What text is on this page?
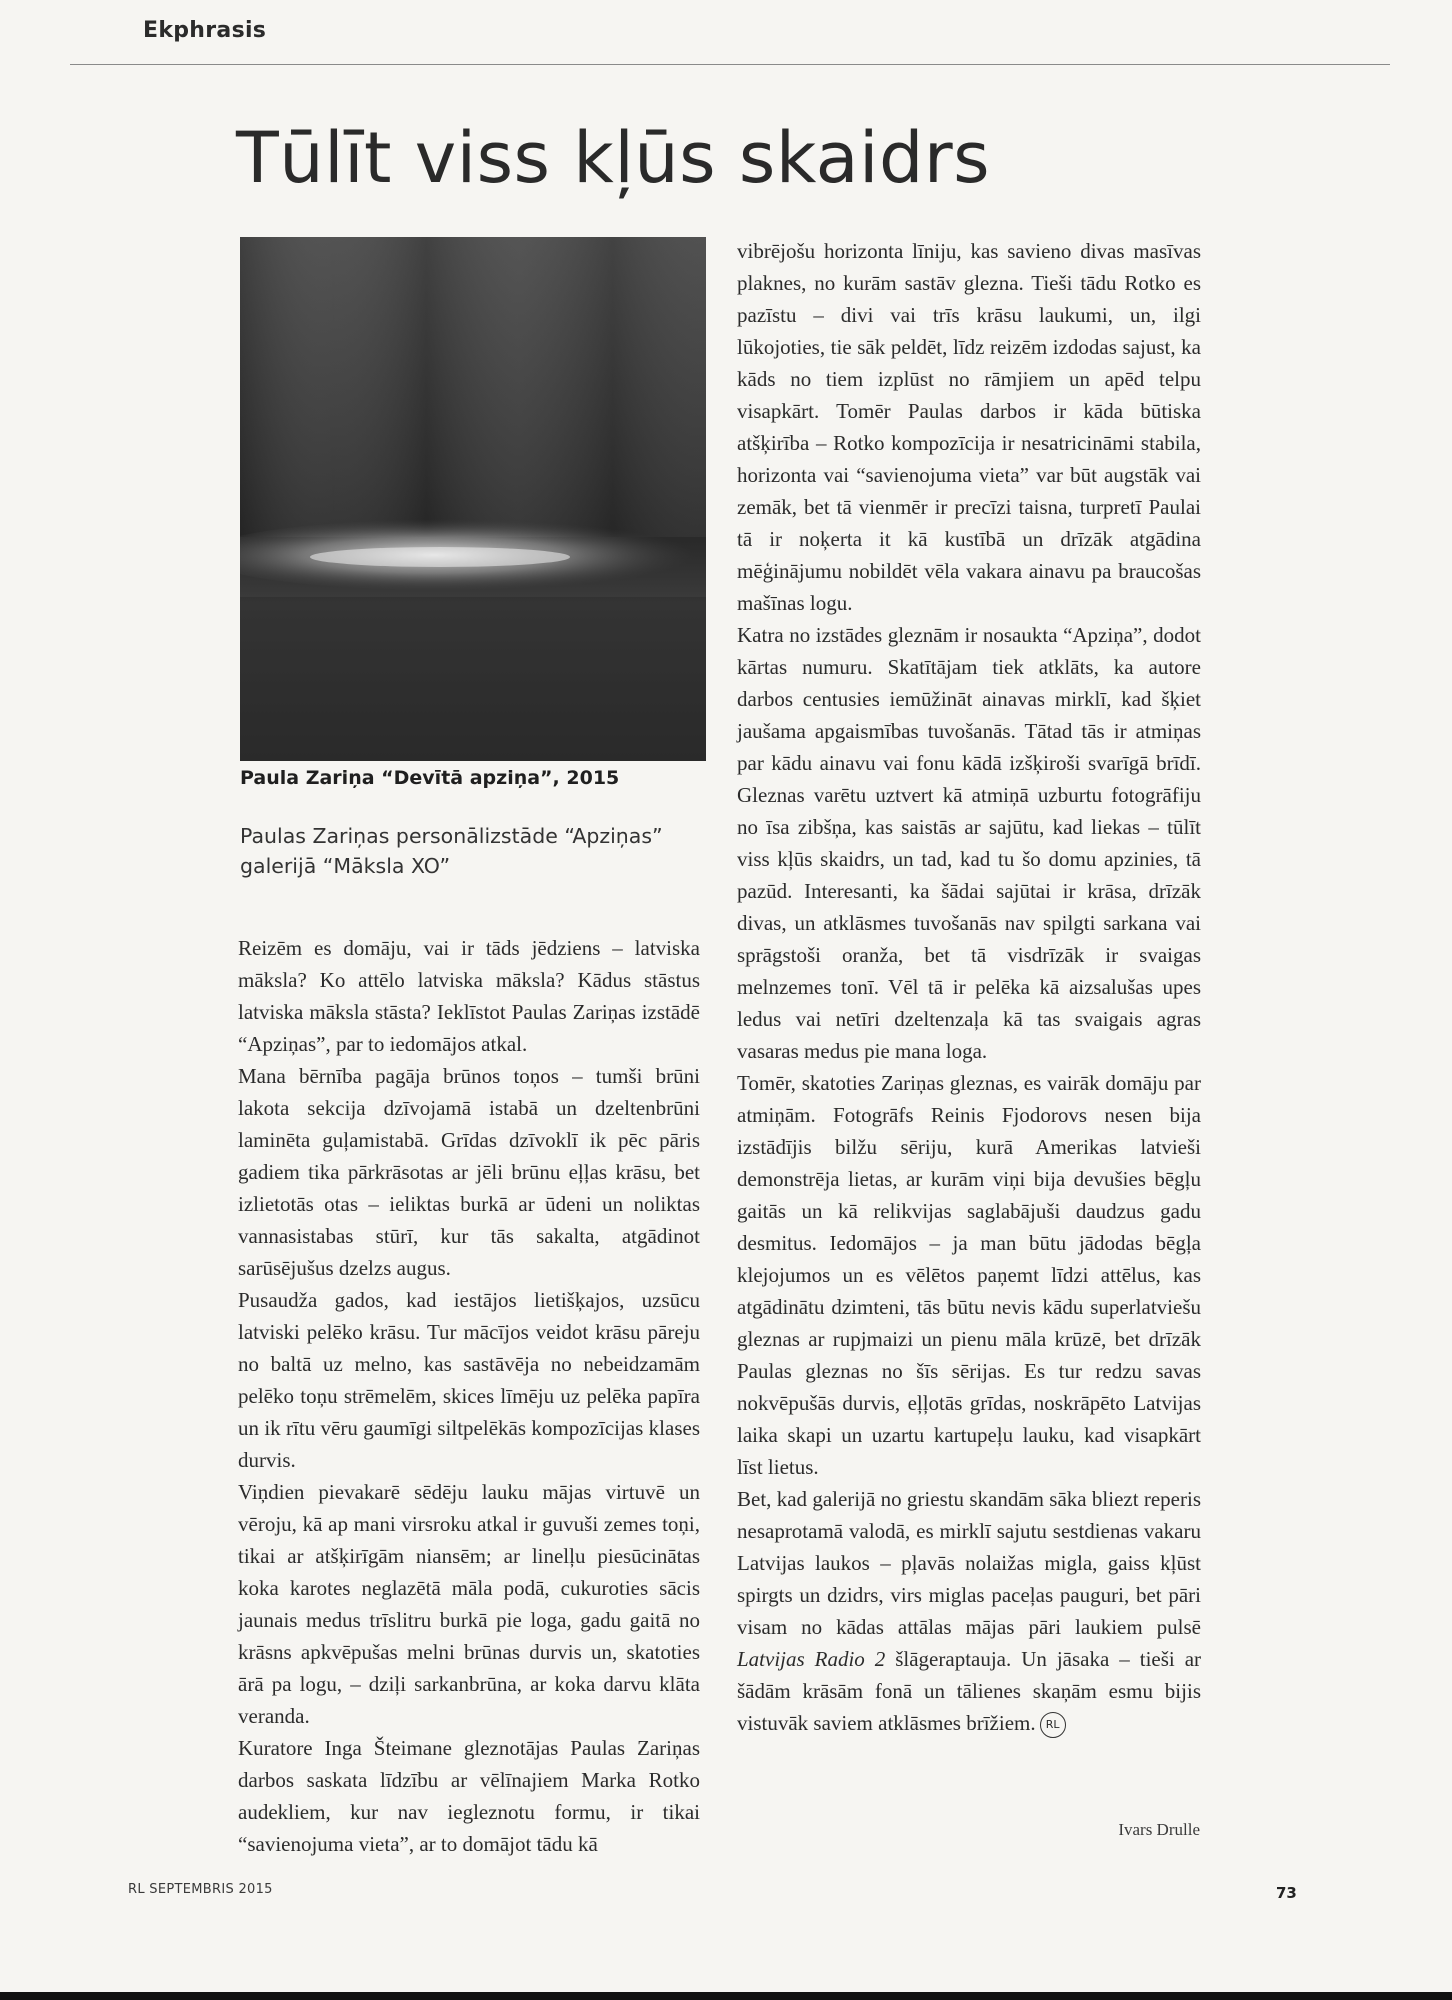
Ekphrasis
Tūlīt viss kļūs skaidrs

Paula Zariņa “Devītā apziņa”, 2015

Paulas Zariņas personālizstāde “Apziņas” galerijā “Māksla XO”

Reizēm es domāju, vai ir tāds jēdziens – latviska māksla? Ko attēlo latviska māksla? Kādus stāstus latviska māksla stāsta? Ieklīstot Paulas Zariņas izstādē “Apziņas”, par to iedomājos atkal.

Mana bērnība pagāja brūnos toņos – tumši brūni lakota sekcija dzīvojamā istabā un dzeltenbrūni laminēta guļamistabā. Grīdas dzīvoklī ik pēc pāris gadiem tika pārkrāsotas ar jēli brūnu eļļas krāsu, bet izlietotās otas – ieliktas burkā ar ūdeni un noliktas vannasistabas stūrī, kur tās sakalta, atgādinot sarūsējušus dzelzs augus.

Pusaudža gados, kad iestājos lietišķajos, uzsūcu latviski pelēko krāsu. Tur mācījos veidot krāsu pāreju no baltā uz melno, kas sastāvēja no nebeidzamām pelēko toņu strēmelēm, skices līmēju uz pelēka papīra un ik rītu vēru gaumīgi siltpelēkās kompozīcijas klases durvis.

Viņdien pievakarē sēdēju lauku mājas virtuvē un vēroju, kā ap mani virsroku atkal ir guvuši zemes toņi, tikai ar atšķirīgām niansēm; ar linelļu piesūcinātas koka karotes neglazētā māla podā, cukuroties sācis jaunais medus trīslitru burkā pie loga, gadu gaitā no krāsns apkvēpušas melni brūnas durvis un, skatoties ārā pa logu, – dziļi sarkanbrūna, ar koka darvu klāta veranda.

Kuratore Inga Šteimane gleznotājas Paulas Zariņas darbos saskata līdzību ar vēlīnajiem Marka Rotko audekliem, kur nav iegleznotu formu, ir tikai “savienojuma vieta”, ar to domājot tādu kā

vibrējošu horizonta līniju, kas savieno divas masīvas plaknes, no kurām sastāv glezna. Tieši tādu Rotko es pazīstu – divi vai trīs krāsu laukumi, un, ilgi lūkojoties, tie sāk peldēt, līdz reizēm izdodas sajust, ka kāds no tiem izplūst no rāmjiem un apēd telpu visapkārt. Tomēr Paulas darbos ir kāda būtiska atšķirība – Rotko kompozīcija ir nesatricināmi stabila, horizonta vai “savienojuma vieta” var būt augstāk vai zemāk, bet tā vienmēr ir precīzi taisna, turpretī Paulai tā ir noķerta it kā kustībā un drīzāk atgādina mēģinājumu nobildēt vēla vakara ainavu pa braucošas mašīnas logu.

Katra no izstādes gleznām ir nosaukta “Apziņa”, dodot kārtas numuru. Skatītājam tiek atklāts, ka autore darbos centusies iemūžināt ainavas mirklī, kad šķiet jaušama apgaismības tuvošanās. Tātad tās ir atmiņas par kādu ainavu vai fonu kādā izšķiroši svarīgā brīdī. Gleznas varētu uztvert kā atmiņā uzburtu fotogrāfiju no īsa zibšņa, kas saistās ar sajūtu, kad liekas – tūlīt viss kļūs skaidrs, un tad, kad tu šo domu apzinies, tā pazūd. Interesanti, ka šādai sajūtai ir krāsa, drīzāk divas, un atklāsmes tuvošanās nav spilgti sarkana vai sprāgstoši oranža, bet tā visdrīzāk ir svaigas melnzemes tonī. Vēl tā ir pelēka kā aizsalušas upes ledus vai netīri dzeltenzaļa kā tas svaigais agras vasaras medus pie mana loga.

Tomēr, skatoties Zariņas gleznas, es vairāk domāju par atmiņām. Fotogrāfs Reinis Fjodorovs nesen bija izstādījis bilžu sēriju, kurā Amerikas latvieši demonstrēja lietas, ar kurām viņi bija devušies bēgļu gaitās un kā relikvijas saglabājuši daudzus gadu desmitus. Iedomājos – ja man būtu jādodas bēgļa klejojumos un es vēlētos paņemt līdzi attēlus, kas atgādinātu dzimteni, tās būtu nevis kādu superlatviešu gleznas ar rupjmaizi un pienu māla krūzē, bet drīzāk Paulas gleznas no šīs sērijas. Es tur redzu savas nokvēpušās durvis, eļļotās grīdas, noskrāpēto Latvijas laika skapi un uzartu kartupeļu lauku, kad visapkārt līst lietus.

Bet, kad galerijā no griestu skandām sāka bliezt reperis nesaprotamā valodā, es mirklī sajutu sestdienas vakaru Latvijas laukos – pļavās nolaižas migla, gaiss kļūst spirgts un dzidrs, virs miglas paceļas pauguri, bet pāri visam no kādas attālas mājas pāri laukiem pulsē Latvijas Radio 2 šlāgeraptauja. Un jāsaka – tieši ar šādām krāsām fonā un tālienes skaņām esmu bijis vistuvāk saviem atklāsmes brīžiem. RL

Ivars Drulle
RL SEPTEMBRIS 2015	73
